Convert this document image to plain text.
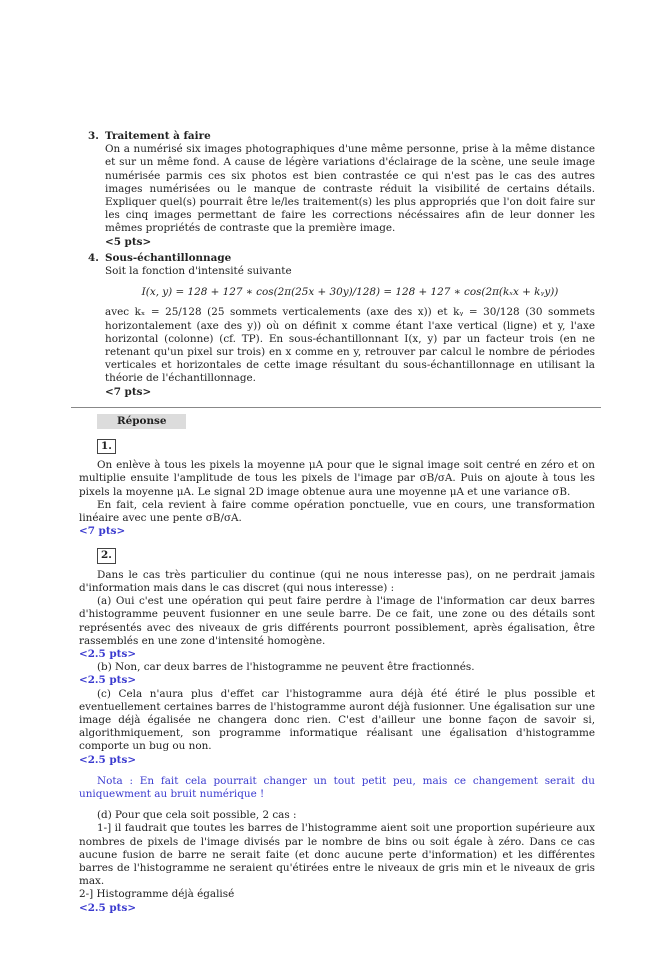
3. Traitement à faire

On a numérisé six images photographiques d'une même personne, prise à la même distance et sur un même fond. A cause de légère variations d'éclairage de la scène, une seule image numérisée parmis ces six photos est bien contrastée ce qui n'est pas le cas des autres images numérisées ou le manque de contraste réduit la visibilité de certains détails. Expliquer quel(s) pourrait être le/les traitement(s) les plus appropriés que l'on doit faire sur les cinq images permettant de faire les corrections nécéssaires afin de leur donner les mêmes propriétés de contraste que la première image.

<5 pts>
4. Sous-échantillonnage

Soit la fonction d'intensité suivante

I(x, y) = 128 + 127 ∗ cos(2π(25x + 30y)/128) = 128 + 127 ∗ cos(2π(kₓx + kᵧy))

avec kₓ = 25/128 (25 sommets verticalements (axe des x)) et kᵧ = 30/128 (30 sommets horizontalement (axe des y)) où on définit x comme étant l'axe vertical (ligne) et y, l'axe horizontal (colonne) (cf. TP). En sous-échantillonnant I(x, y) par un facteur trois (en ne retenant qu'un pixel sur trois) en x comme en y, retrouver par calcul le nombre de périodes verticales et horizontales de cette image résultant du sous-échantillonnage en utilisant la théorie de l'échantillonnage.

<7 pts>
Réponse
1.

On enlève à tous les pixels la moyenne μA pour que le signal image soit centré en zéro et on multiplie ensuite l'amplitude de tous les pixels de l'image par σB/σA. Puis on ajoute à tous les pixels la moyenne μA. Le signal 2D image obtenue aura une moyenne μA et une variance σB.

En fait, cela revient à faire comme opération ponctuelle, vue en cours, une transformation linéaire avec une pente σB/σA.

<7 pts>
2.

Dans le cas très particulier du continue (qui ne nous interesse pas), on ne perdrait jamais d'information mais dans le cas discret (qui nous interesse) :

(a) Oui c'est une opération qui peut faire perdre à l'image de l'information car deux barres d'histogramme peuvent fusionner en une seule barre. De ce fait, une zone ou des détails sont représentés avec des niveaux de gris différents pourront possiblement, après égalisation, être rassemblés en une zone d'intensité homogène.

<2.5 pts>

(b) Non, car deux barres de l'histogramme ne peuvent être fractionnés.

<2.5 pts>

(c) Cela n'aura plus d'effet car l'histogramme aura déjà été étiré le plus possible et eventuellement certaines barres de l'histogramme auront déjà fusionner. Une égalisation sur une image déjà égalisée ne changera donc rien. C'est d'ailleur une bonne façon de savoir si, algorithmiquement, son programme informatique réalisant une égalisation d'histogramme comporte un bug ou non.

<2.5 pts>

Nota : En fait cela pourrait changer un tout petit peu, mais ce changement serait du uniquewment au bruit numérique !

(d) Pour que cela soit possible, 2 cas :

1-] il faudrait que toutes les barres de l'histogramme aient soit une proportion supérieure aux nombres de pixels de l'image divisés par le nombre de bins ou soit égale à zéro. Dans ce cas aucune fusion de barre ne serait faite (et donc aucune perte d'information) et les différentes barres de l'histogramme ne seraient qu'étirées entre le niveaux de gris min et le niveaux de gris max.

2-] Histogramme déjà égalisé

<2.5 pts>
